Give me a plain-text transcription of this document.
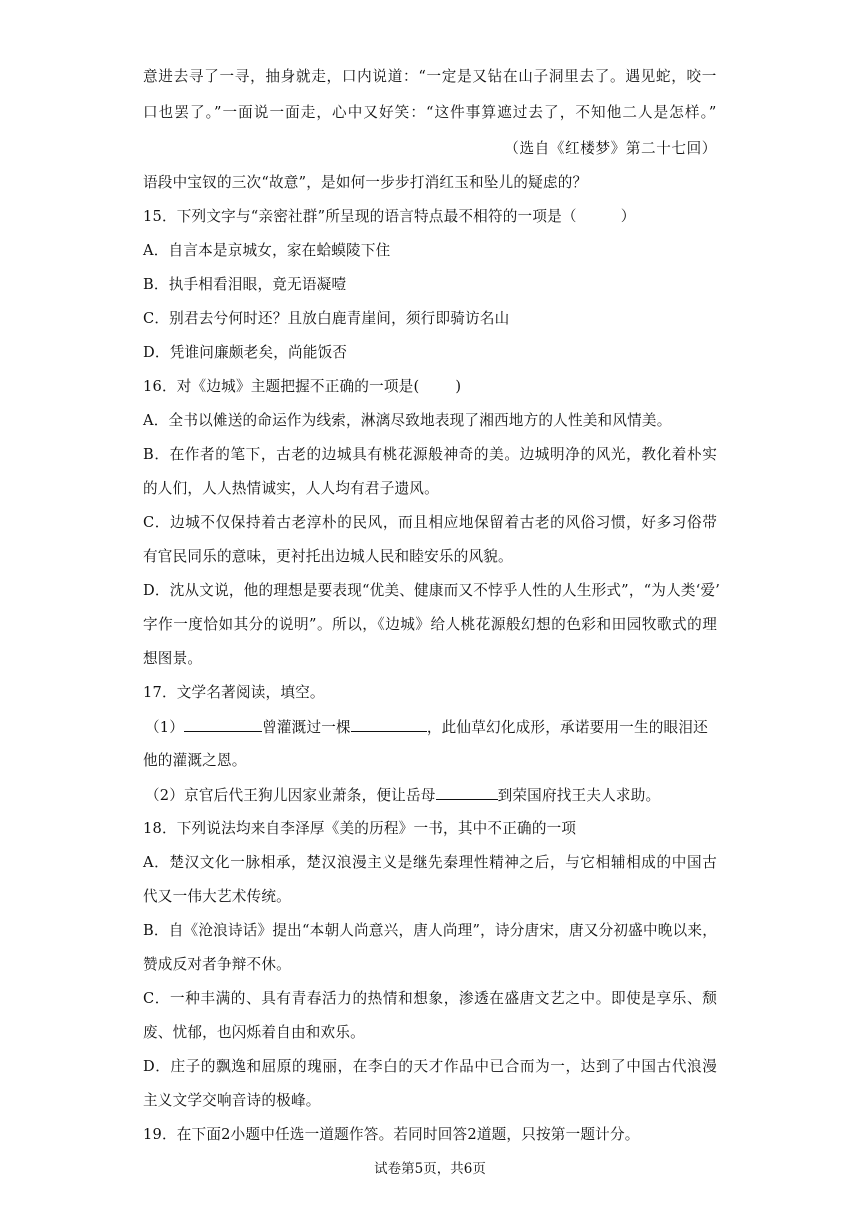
意进去寻了一寻，抽身就走，口内说道：“一定是又钻在山子洞里去了。遇见蛇，咬一
口也罢了。”一面说一面走，心中又好笑：“这件事算遮过去了，不知他二人是怎样。”
（选自《红楼梦》第二十七回）
语段中宝钗的三次“故意”，是如何一步步打消红玉和坠儿的疑虑的？
15．下列文字与“亲密社群”所呈现的语言特点最不相符的一项是（	）
A．自言本是京城女，家在蛤蟆陵下住
B．执手相看泪眼，竟无语凝噎
C．别君去兮何时还？且放白鹿青崖间，须行即骑访名山
D．凭谁问廉颇老矣，尚能饭否
16．对《边城》主题把握不正确的一项是( )
A．全书以傩送的命运作为线索，淋漓尽致地表现了湘西地方的人性美和风情美。
B．在作者的笔下，古老的边城具有桃花源般神奇的美。边城明净的风光，教化着朴实
的人们，人人热情诚实，人人均有君子遗风。
C．边城不仅保持着古老淳朴的民风，而且相应地保留着古老的风俗习惯，好多习俗带
有官民同乐的意味，更衬托出边城人民和睦安乐的风貌。
D．沈从文说，他的理想是要表现“优美、健康而又不悖乎人性的人生形式”，“为人类‘爱’
字作一度恰如其分的说明”。所以，《边城》给人桃花源般幻想的色彩和田园牧歌式的理
想图景。
17．文学名著阅读，填空。
（1）	曾灌溉过一棵	，此仙草幻化成形，承诺要用一生的眼泪还
他的灌溉之恩。
（2）京官后代王狗儿因家业萧条，便让岳母	到荣国府找王夫人求助。
18．下列说法均来自李泽厚《美的历程》一书，其中不正确的一项
A．楚汉文化一脉相承，楚汉浪漫主义是继先秦理性精神之后，与它相辅相成的中国古
代又一伟大艺术传统。
B．自《沧浪诗话》提出“本朝人尚意兴，唐人尚理”，诗分唐宋，唐又分初盛中晚以来，
赞成反对者争辩不休。
C．一种丰满的、具有青春活力的热情和想象，渗透在盛唐文艺之中。即使是享乐、颓
废、忧郁，也闪烁着自由和欢乐。
D．庄子的飘逸和屈原的瑰丽，在李白的天才作品中已合而为一，达到了中国古代浪漫
主义文学交响音诗的极峰。
19．在下面2小题中任选一道题作答。若同时回答2道题，只按第一题计分。
试卷第5页，共6页
